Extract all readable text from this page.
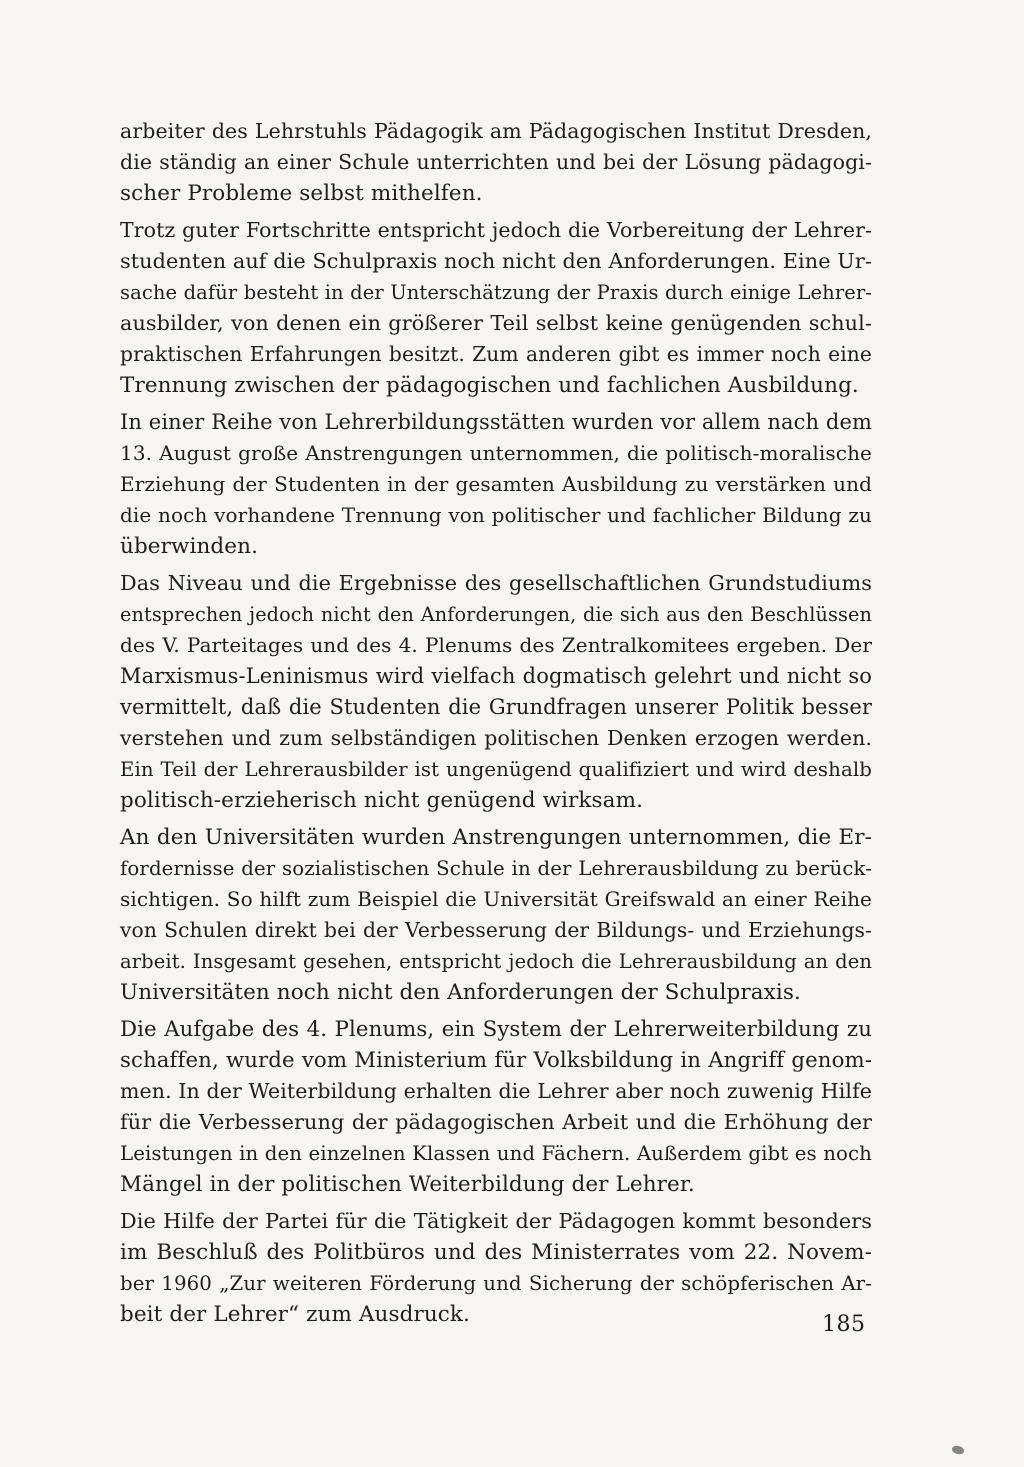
arbeiter des Lehrstuhls Pädagogik am Pädagogischen Institut Dresden,
die ständig an einer Schule unterrichten und bei der Lösung pädagogi-
scher Probleme selbst mithelfen.

Trotz guter Fortschritte entspricht jedoch die Vorbereitung der Lehrer-
studenten auf die Schulpraxis noch nicht den Anforderungen. Eine Ur-
sache dafür besteht in der Unterschätzung der Praxis durch einige Lehrer-
ausbilder, von denen ein größerer Teil selbst keine genügenden schul-
praktischen Erfahrungen besitzt. Zum anderen gibt es immer noch eine
Trennung zwischen der pädagogischen und fachlichen Ausbildung.

In einer Reihe von Lehrerbildungsstätten wurden vor allem nach dem
13. August große Anstrengungen unternommen, die politisch-moralische
Erziehung der Studenten in der gesamten Ausbildung zu verstärken und
die noch vorhandene Trennung von politischer und fachlicher Bildung zu
überwinden.

Das Niveau und die Ergebnisse des gesellschaftlichen Grundstudiums
entsprechen jedoch nicht den Anforderungen, die sich aus den Beschlüssen
des V. Parteitages und des 4. Plenums des Zentralkomitees ergeben. Der
Marxismus-Leninismus wird vielfach dogmatisch gelehrt und nicht so
vermittelt, daß die Studenten die Grundfragen unserer Politik besser
verstehen und zum selbständigen politischen Denken erzogen werden.
Ein Teil der Lehrerausbilder ist ungenügend qualifiziert und wird deshalb
politisch-erzieherisch nicht genügend wirksam.

An den Universitäten wurden Anstrengungen unternommen, die Er-
fordernisse der sozialistischen Schule in der Lehrerausbildung zu berück-
sichtigen. So hilft zum Beispiel die Universität Greifswald an einer Reihe
von Schulen direkt bei der Verbesserung der Bildungs- und Erziehungs-
arbeit. Insgesamt gesehen, entspricht jedoch die Lehrerausbildung an den
Universitäten noch nicht den Anforderungen der Schulpraxis.

Die Aufgabe des 4. Plenums, ein System der Lehrerweiterbildung zu
schaffen, wurde vom Ministerium für Volksbildung in Angriff genom-
men. In der Weiterbildung erhalten die Lehrer aber noch zuwenig Hilfe
für die Verbesserung der pädagogischen Arbeit und die Erhöhung der
Leistungen in den einzelnen Klassen und Fächern. Außerdem gibt es noch
Mängel in der politischen Weiterbildung der Lehrer.

Die Hilfe der Partei für die Tätigkeit der Pädagogen kommt besonders
im Beschluß des Politbüros und des Ministerrates vom 22. Novem-
ber 1960 „Zur weiteren Förderung und Sicherung der schöpferischen Ar-
beit der Lehrer“ zum Ausdruck.	185
